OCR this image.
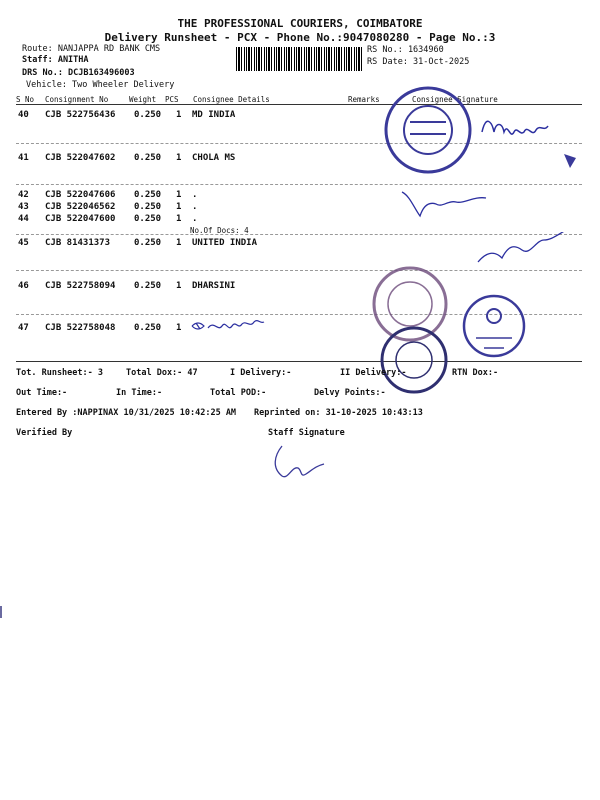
THE PROFESSIONAL COURIERS, COIMBATORE
Delivery Runsheet - PCX - Phone No.:9047080280 - Page No.:3
Route: NANJAPPA RD BANK CMS
Staff: ANITHA
DRS No.: DCJB163496003
Vehicle: Two Wheeler Delivery
RS No.: 1634960
RS Date: 31-Oct-2025
S No Consignment No	Weight PCS Consignee Details	Remarks	Consignee Signature
40 CJB 522756436 0.250 1 MD INDIA
41 CJB 522047602 0.250 1 CHOLA MS
42 CJB 522047606 0.250 1 .
43 CJB 522046562 0.250 1 .
44 CJB 522047600 0.250 1 .
No.Of Docs: 4
45 CJB 81431373	0.250 1 UNITED INDIA
46 CJB 522758094 0.250 1 DHARSINI
47 CJB 522758048 0.250 1
Tot. Runsheet:- 3	Total Dox:- 47	I Delivery:-	II Delivery:-	RTN Dox:-
Out Time:-	In Time:-	Total POD:-	Delvy Points:-
Entered By :NAPPINAX 10/31/2025 10:42:25 AM Reprinted on: 31-10-2025 10:43:13
Verified By	Staff Signature
